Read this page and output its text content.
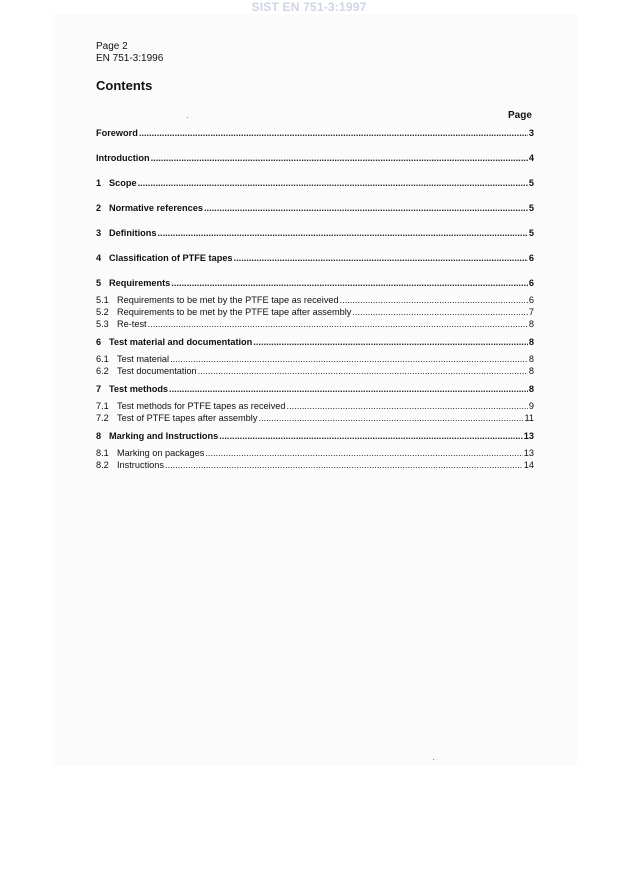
SIST EN 751-3:1997
Page 2
EN 751-3:1996
Contents
Page
Foreword .....	3
Introduction .....	4
1 Scope .....	5
2 Normative references .....	5
3 Definitions .....	5
4 Classification of PTFE tapes .....	6
5 Requirements .....	6
5.1 Requirements to be met by the PTFE tape as received .....	6
5.2 Requirements to be met by the PTFE tape after assembly .....	7
5.3 Re-test .....	8
6 Test material and documentation .....	8
6.1 Test material .....	8
6.2 Test documentation .....	8
7 Test methods .....	8
7.1 Test methods for PTFE tapes as received .....	9
7.2 Test of PTFE tapes after assembly .....	11
8 Marking and Instructions .....	13
8.1 Marking on packages .....	13
8.2 Instructions .....	14
·
·
